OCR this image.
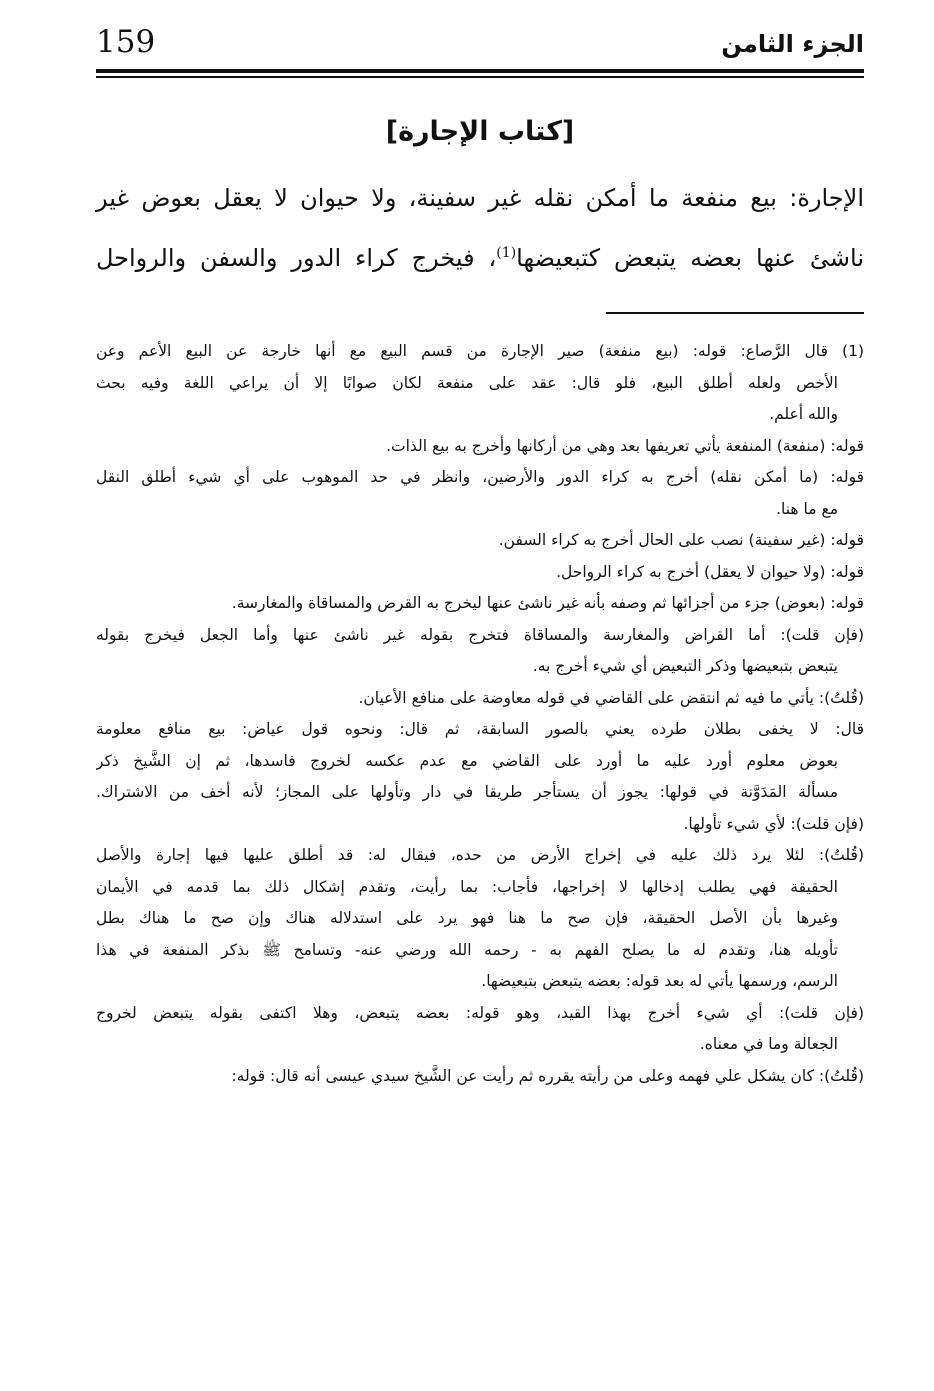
159	الجزء الثامن
[كتاب الإجارة]
الإجارة: بيع منفعة ما أمكن نقله غير سفينة، ولا حيوان لا يعقل بعوض غير
ناشئ عنها بعضه يتبعض كتبعيضها$^{(1)}$، فيخرج كراء الدور والسفن والرواحل
(1) قال الرَّصاع: قوله: (بيع منفعة) صير الإجارة من قسم البيع مع أنها خارجة عن البيع الأعم وعن
الأخص ولعله أطلق البيع، فلو قال: عقد على منفعة لكان صوابًا إلا أن يراعي اللغة وفيه بحث
والله أعلم.
قوله: (منفعة) المنفعة يأتي تعريفها بعد وهي من أركانها وأخرج به بيع الذات.
قوله: (ما أمكن نقله) أخرج به كراء الدور والأرضين، وانظر في حد الموهوب على أي شيء أطلق النقل
مع ما هنا.
قوله: (غير سفينة) نصب على الحال أخرج به كراء السفن.
قوله: (ولا حيوان لا يعقل) أخرج به كراء الرواحل.
قوله: (بعوض) جزء من أجزائها ثم وصفه بأنه غير ناشئ عنها ليخرج به القرض والمساقاة والمغارسة.
(فإن قلت): أما القراض والمغارسة والمساقاة فتخرج بقوله غير ناشئ عنها وأما الجعل فيخرج بقوله
يتبعض بتبعيضها وذكر التبعيض أي شيء أخرج به.
(قُلتُ): يأتي ما فيه ثم انتقض على القاضي في قوله معاوضة على منافع الأعيان.
قال: لا يخفى بطلان طرده يعني بالصور السابقة، ثم قال: ونحوه قول عياض: بيع منافع معلومة
بعوض معلوم أورد عليه ما أورد على القاضي مع عدم عكسه لخروج فاسدها، ثم إن الشَّيخ ذكر
مسألة المَدَوَّنة في قولها: يجوز أن يستأجر طريقا في دار وتأولها على المجاز؛ لأنه أخف من الاشتراك.
(فإن قلت): لأي شيء تأولها.
(قُلتُ): لئلا يرد ذلك عليه في إخراج الأرض من حده، فيقال له: قد أطلق عليها فيها إجارة والأصل
الحقيقة فهي يطلب إدخالها لا إخراجها، فأجاب: بما رأيت، وتقدم إشكال ذلك بما قدمه في الأيمان
وغيرها بأن الأصل الحقيقة، فإن صح ما هنا فهو يرد على استدلاله هناك وإن صح ما هناك بطل
تأويله هنا، وتقدم له ما يصلح الفهم به - رحمه الله ورضي عنه- وتسامح ﷺ بذكر المنفعة في هذا
الرسم، ورسمها يأتي له بعد قوله: بعضه يتبعض بتبعيضها.
(فإن قلت): أي شيء أخرج بهذا القيد، وهو قوله: بعضه يتبعض، وهلا اكتفى بقوله يتبعض لخروج
الجعالة وما في معناه.
(قُلتُ): كان يشكل علي فهمه وعلى من رأيته يقرره ثم رأيت عن الشَّيخ سيدي عيسى أنه قال: قوله:
